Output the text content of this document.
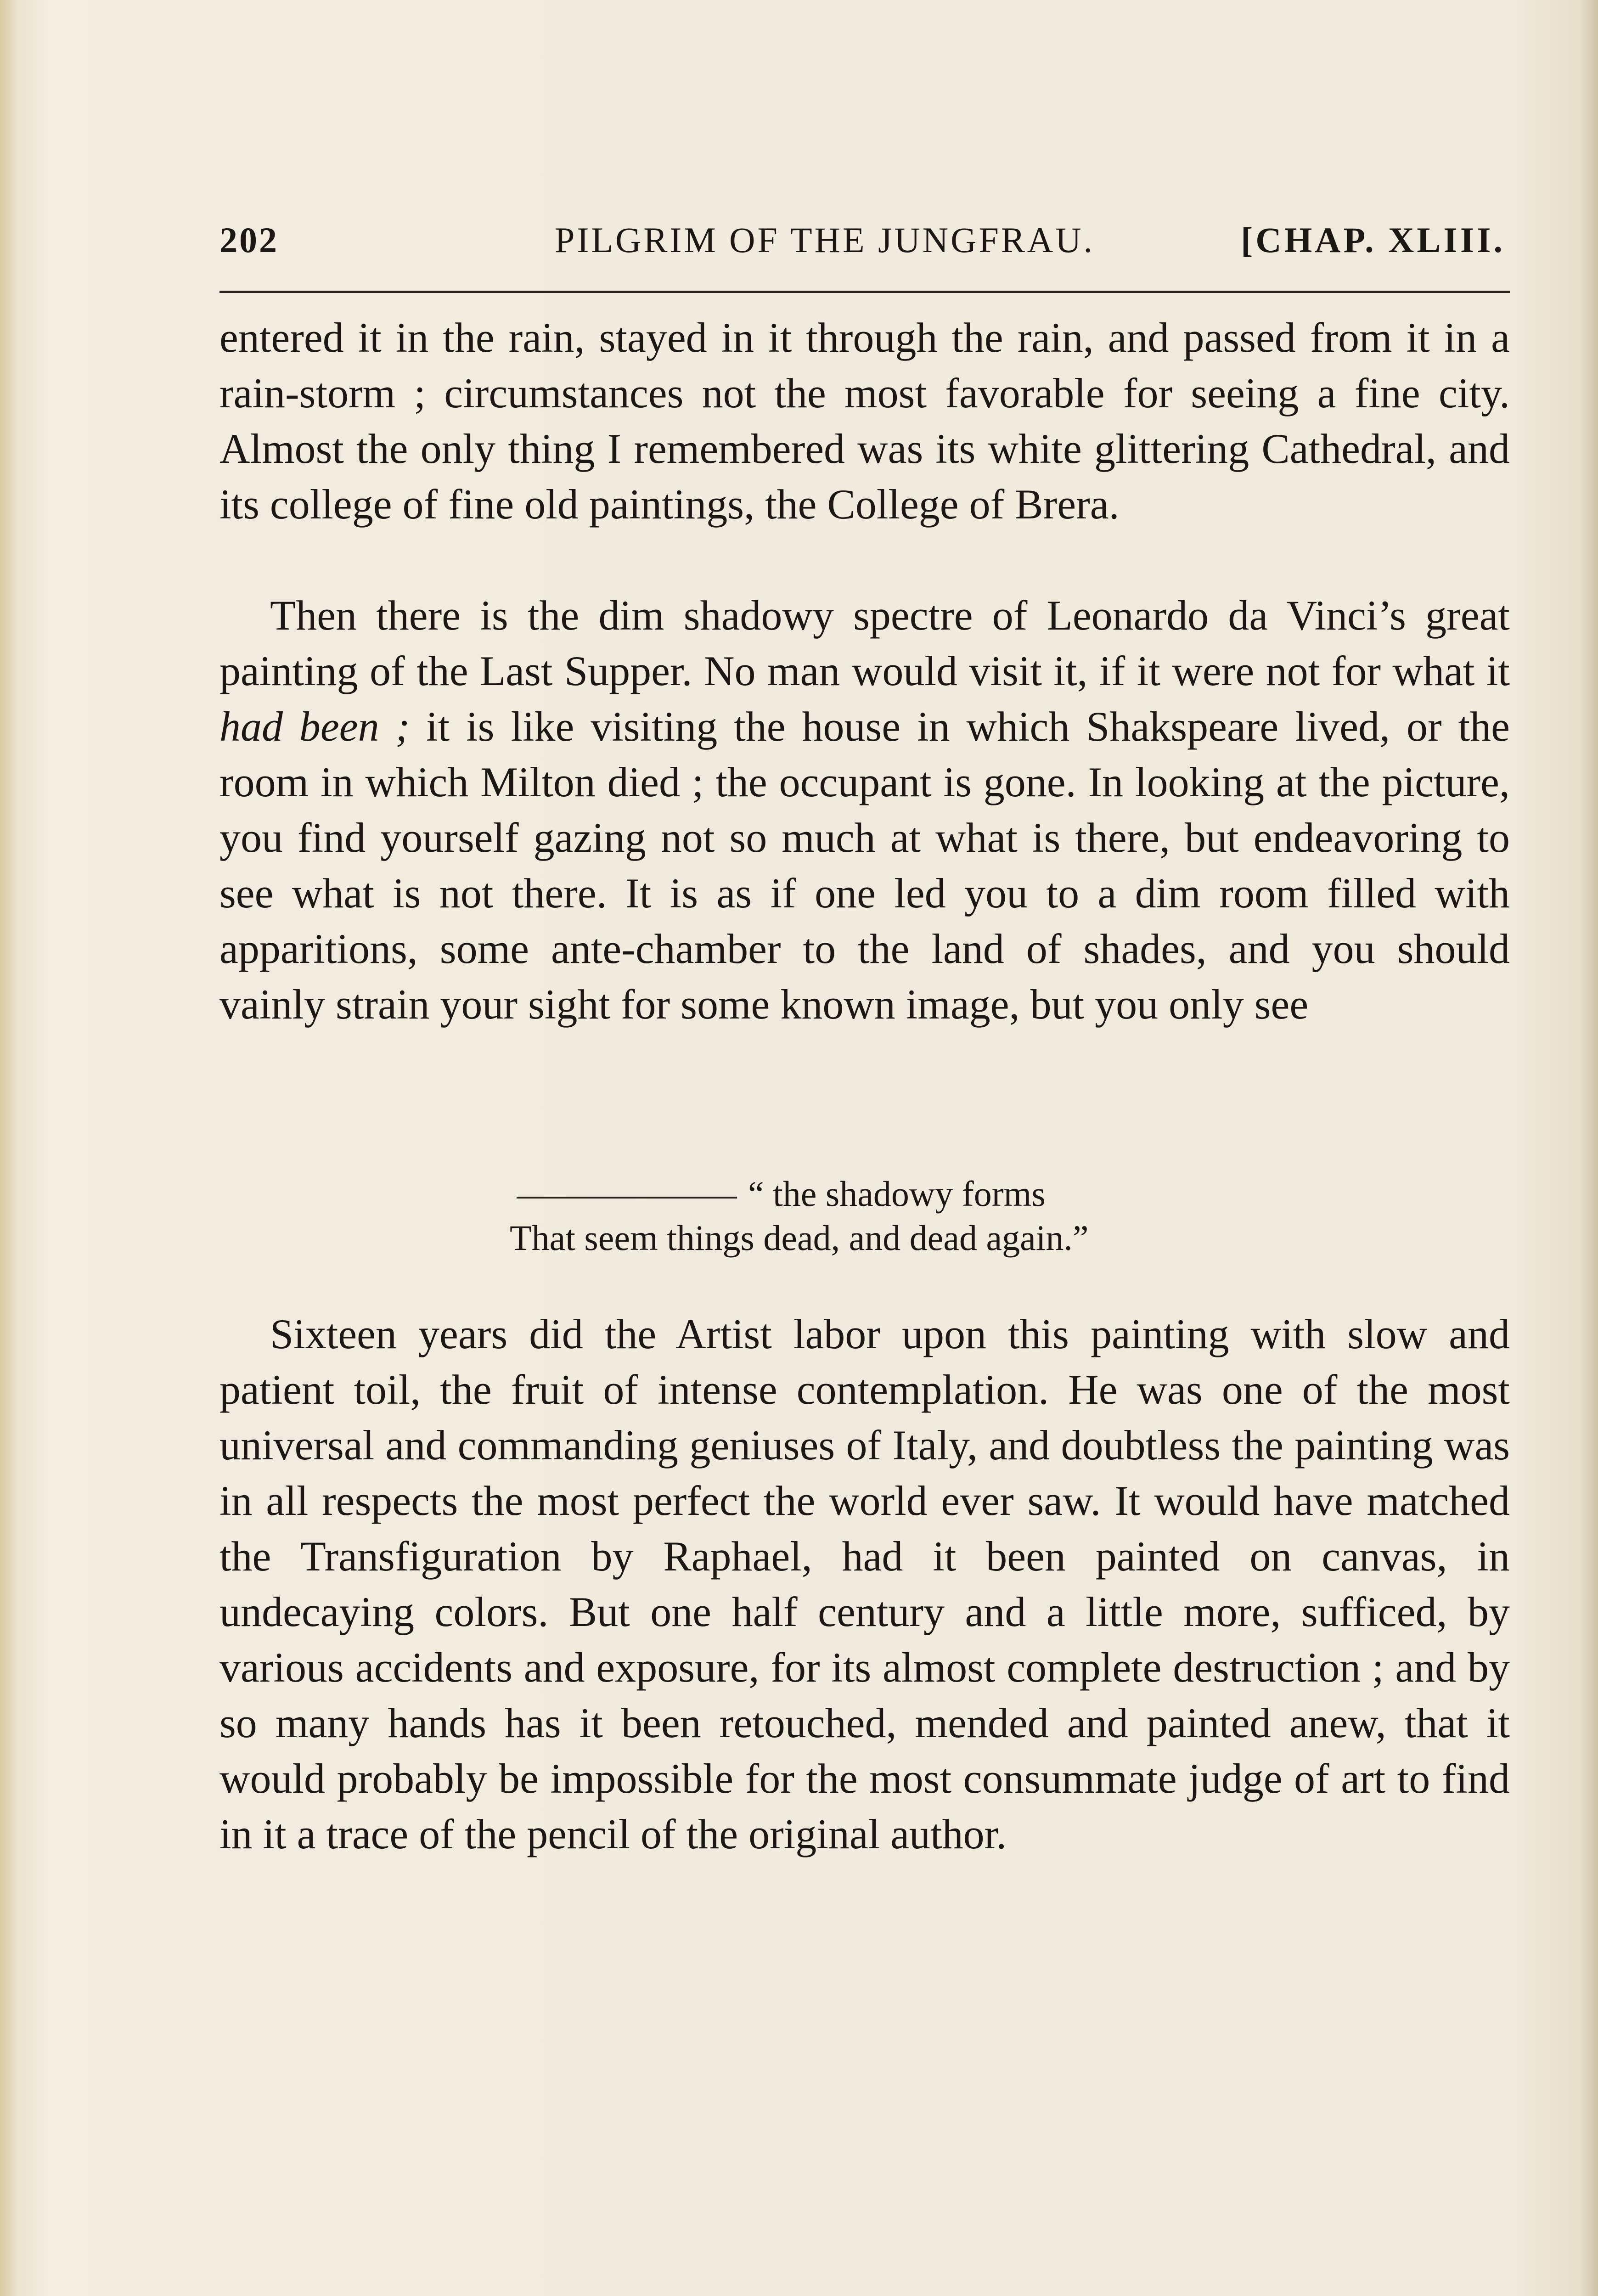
202	PILGRIM OF THE JUNGFRAU.	[CHAP. XLIII.

entered it in the rain, stayed in it through the rain, and passed from it in a rain-storm ; circumstances not the most favorable for seeing a fine city. Almost the only thing I remembered was its white glittering Cathedral, and its college of fine old paintings, the College of Brera.

Then there is the dim shadowy spectre of Leonardo da Vinci’s great painting of the Last Supper. No man would visit it, if it were not for what it had been ; it is like visiting the house in which Shakspeare lived, or the room in which Milton died ; the occupant is gone. In looking at the picture, you find yourself gazing not so much at what is there, but endeavoring to see what is not there. It is as if one led you to a dim room filled with apparitions, some ante-chamber to the land of shades, and you should vainly strain your sight for some known image, but you only see

“ the shadowy forms
That seem things dead, and dead again.”

Sixteen years did the Artist labor upon this painting with slow and patient toil, the fruit of intense contemplation. He was one of the most universal and commanding geniuses of Italy, and doubtless the painting was in all respects the most perfect the world ever saw. It would have matched the Transfiguration by Raphael, had it been painted on canvas, in undecaying colors. But one half century and a little more, sufficed, by various accidents and exposure, for its almost complete destruction ; and by so many hands has it been retouched, mended and painted anew, that it would probably be impossible for the most consummate judge of art to find in it a trace of the pencil of the original author.
